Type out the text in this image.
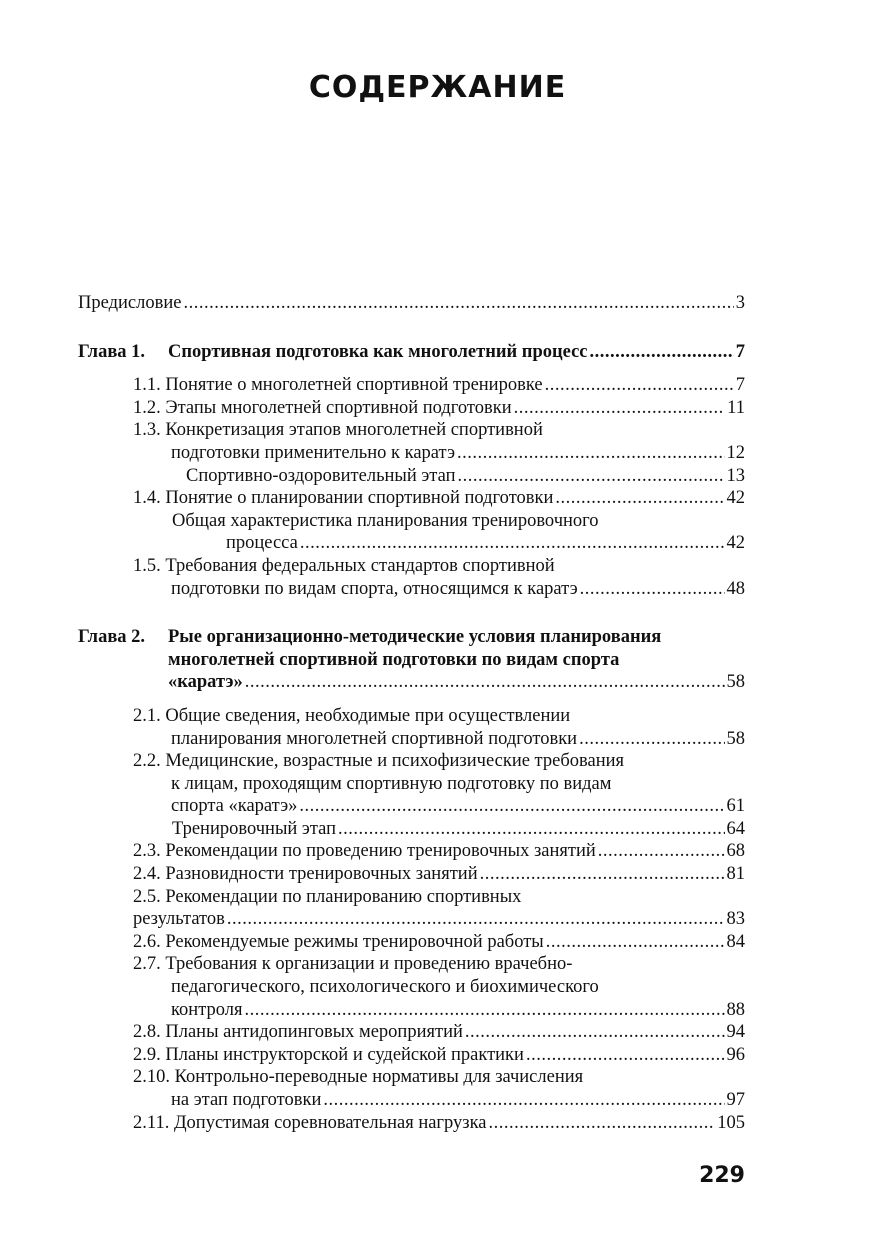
СОДЕРЖАНИЕ
Предисловие .....	3
Глава 1.	Спортивная подготовка как многолетний процесс .....	7
1.1. Понятие о многолетней спортивной тренировке .....	7
1.2. Этапы многолетней спортивной подготовки .....	11
1.3. Конкретизация этапов многолетней спортивной
подготовки применительно к каратэ .....	12
Спортивно-оздоровительный этап .....	13
1.4. Понятие о планировании спортивной подготовки .....	42
Общая характеристика планирования тренировочного
процесса .....	42
1.5. Требования федеральных стандартов спортивной
подготовки по видам спорта, относящимся к каратэ .....	48
Глава 2.	Рые организационно-методические условия планирования
многолетней спортивной подготовки по видам спорта
«каратэ» .....	58
2.1. Общие сведения, необходимые при осуществлении
планирования многолетней спортивной подготовки .....	58
2.2. Медицинские, возрастные и психофизические требования
к лицам, проходящим спортивную подготовку по видам
спорта «каратэ» .....	61
Тренировочный этап .....	64
2.3. Рекомендации по проведению тренировочных занятий .....	68
2.4. Разновидности тренировочных занятий .....	81
2.5. Рекомендации по планированию спортивных
результатов .....	83
2.6. Рекомендуемые режимы тренировочной работы .....	84
2.7. Требования к организации и проведению врачебно-
педагогического, психологического и биохимического
контроля .....	88
2.8. Планы антидопинговых мероприятий .....	94
2.9. Планы инструкторской и судейской практики .....	96
2.10. Контрольно-переводные нормативы для зачисления
на этап подготовки .....	97
2.11. Допустимая соревновательная нагрузка .....	105
229
